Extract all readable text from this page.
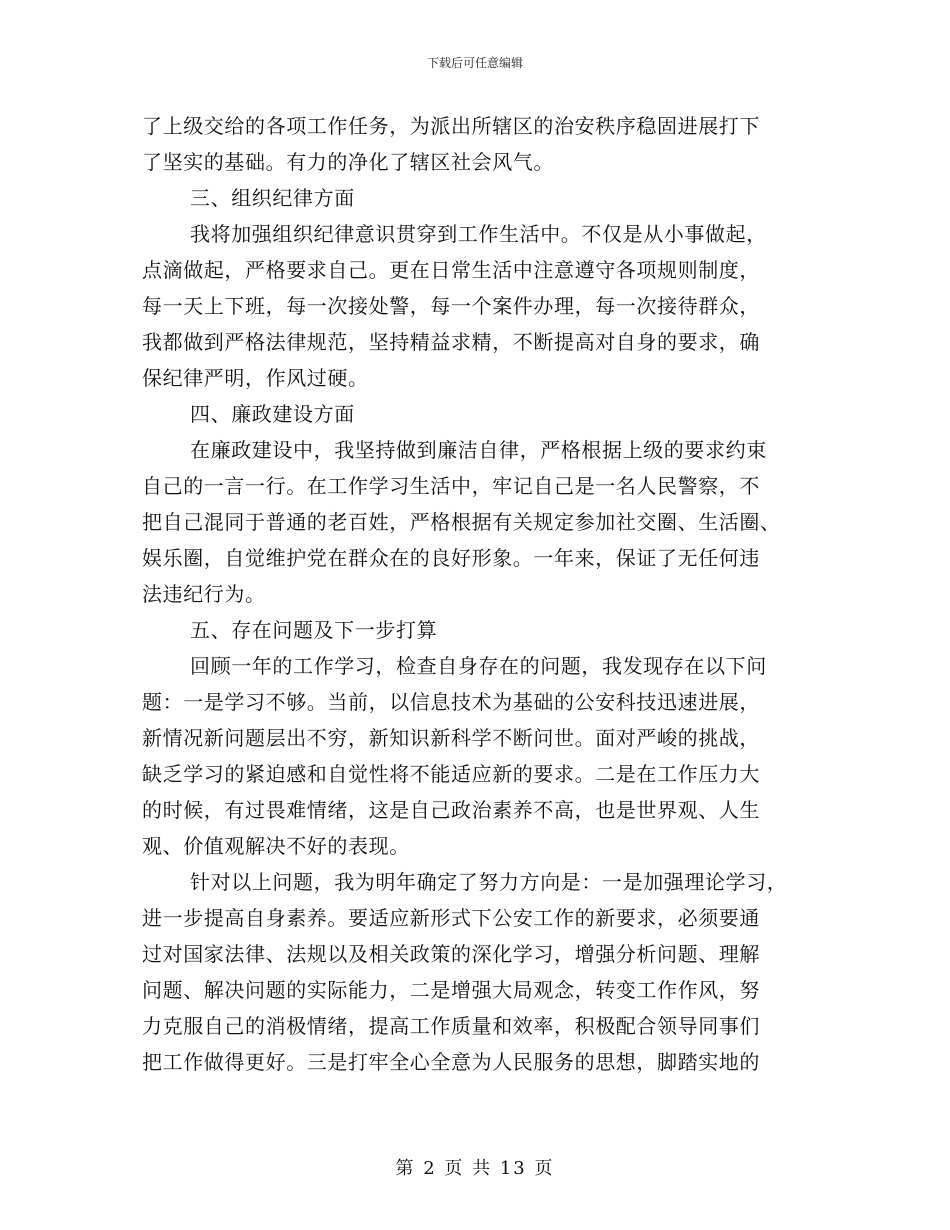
下载后可任意编辑
了上级交给的各项工作任务，为派出所辖区的治安秩序稳固进展打下
了坚实的基础。有力的净化了辖区社会风气。
三、组织纪律方面
我将加强组织纪律意识贯穿到工作生活中。不仅是从小事做起，
点滴做起，严格要求自己。更在日常生活中注意遵守各项规则制度，
每一天上下班，每一次接处警，每一个案件办理，每一次接待群众，
我都做到严格法律规范，坚持精益求精，不断提高对自身的要求，确
保纪律严明，作风过硬。
四、廉政建设方面
在廉政建设中，我坚持做到廉洁自律，严格根据上级的要求约束
自己的一言一行。在工作学习生活中，牢记自己是一名人民警察，不
把自己混同于普通的老百姓，严格根据有关规定参加社交圈、生活圈、
娱乐圈，自觉维护党在群众在的良好形象。一年来，保证了无任何违
法违纪行为。
五、存在问题及下一步打算
回顾一年的工作学习，检查自身存在的问题，我发现存在以下问
题：一是学习不够。当前，以信息技术为基础的公安科技迅速进展，
新情况新问题层出不穷，新知识新科学不断问世。面对严峻的挑战，
缺乏学习的紧迫感和自觉性将不能适应新的要求。二是在工作压力大
的时候，有过畏难情绪，这是自己政治素养不高，也是世界观、人生
观、价值观解决不好的表现。
针对以上问题，我为明年确定了努力方向是：一是加强理论学习，
进一步提高自身素养。要适应新形式下公安工作的新要求，必须要通
过对国家法律、法规以及相关政策的深化学习，增强分析问题、理解
问题、解决问题的实际能力，二是增强大局观念，转变工作作风，努
力克服自己的消极情绪，提高工作质量和效率，积极配合领导同事们
把工作做得更好。三是打牢全心全意为人民服务的思想，脚踏实地的
第 2 页 共 13 页
